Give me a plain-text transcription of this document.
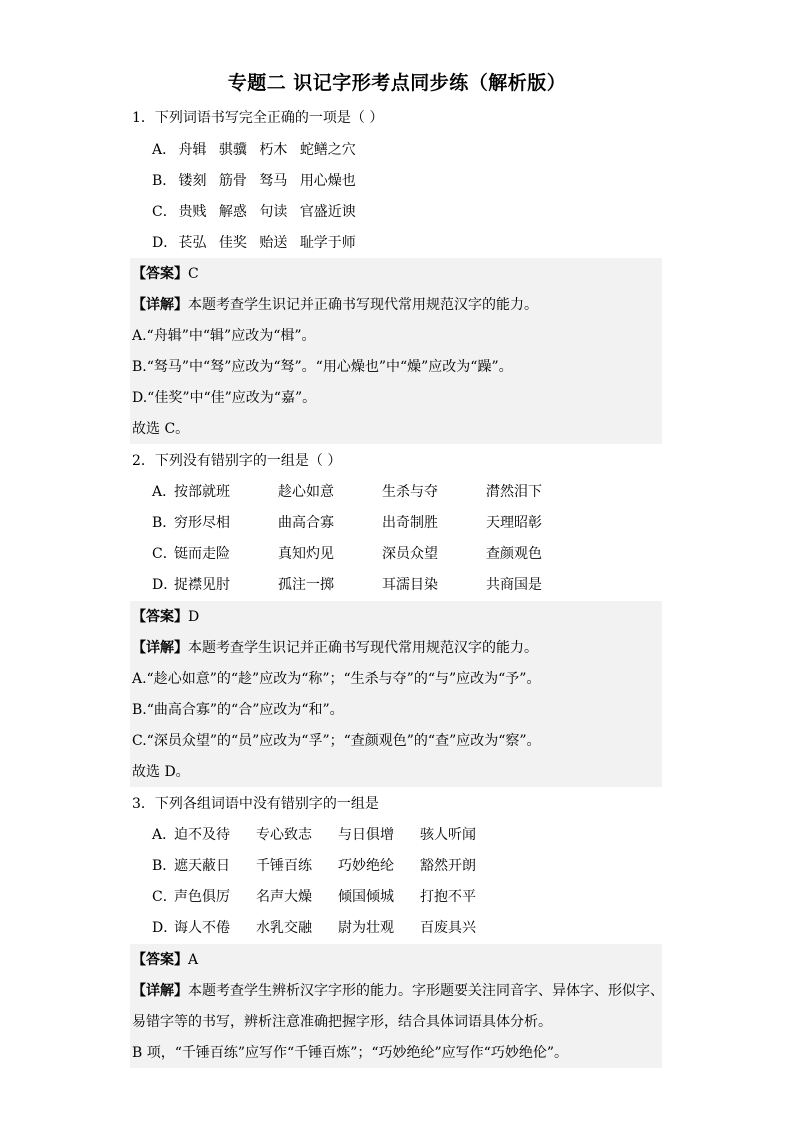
专题二 识记字形考点同步练（解析版）
1．下列词语书写完全正确的一项是（ ）
A． 舟辑 骐骥 朽木 蛇鳝之穴
B． 镂刻 筋骨 驽马 用心燥也
C． 贵贱 解惑 句读 官盛近谀
D． 苌弘 佳奖 贻送 耻学于师
【答案】C
【详解】本题考查学生识记并正确书写现代常用规范汉字的能力。
A.“舟辑”中“辑”应改为“楫”。
B.“驽马”中“驽”应改为“驽”。“用心燥也”中“燥”应改为“躁”。
D.“佳奖”中“佳”应改为“嘉”。
故选 C。
2．下列没有错别字的一组是（ ）
A．按部就班	趁心如意	生杀与夺	潸然泪下
B．穷形尽相	曲高合寡	出奇制胜	天理昭彰
C．铤而走险	真知灼见	深员众望	查颜观色
D．捉襟见肘	孤注一掷	耳濡目染	共商国是
【答案】D
【详解】本题考查学生识记并正确书写现代常用规范汉字的能力。
A.“趁心如意”的“趁”应改为“称”；“生杀与夺”的“与”应改为“予”。
B.“曲高合寡”的“合”应改为“和”。
C.“深员众望”的“员”应改为“孚”；“查颜观色”的“查”应改为“察”。
故选 D。
3．下列各组词语中没有错别字的一组是
A．迫不及待 专心致志 与日俱增 骇人听闻
B．遮天蔽日 千锤百练 巧妙绝纶 豁然开朗
C．声色俱厉 名声大燥 倾国倾城 打抱不平
D．诲人不倦 水乳交融 尉为壮观 百废具兴
【答案】A
【详解】本题考查学生辨析汉字字形的能力。字形题要关注同音字、异体字、形似字、
易错字等的书写，辨析注意准确把握字形，结合具体词语具体分析。
B 项，“千锤百练”应写作“千锤百炼”；“巧妙绝纶”应写作“巧妙绝伦”。
